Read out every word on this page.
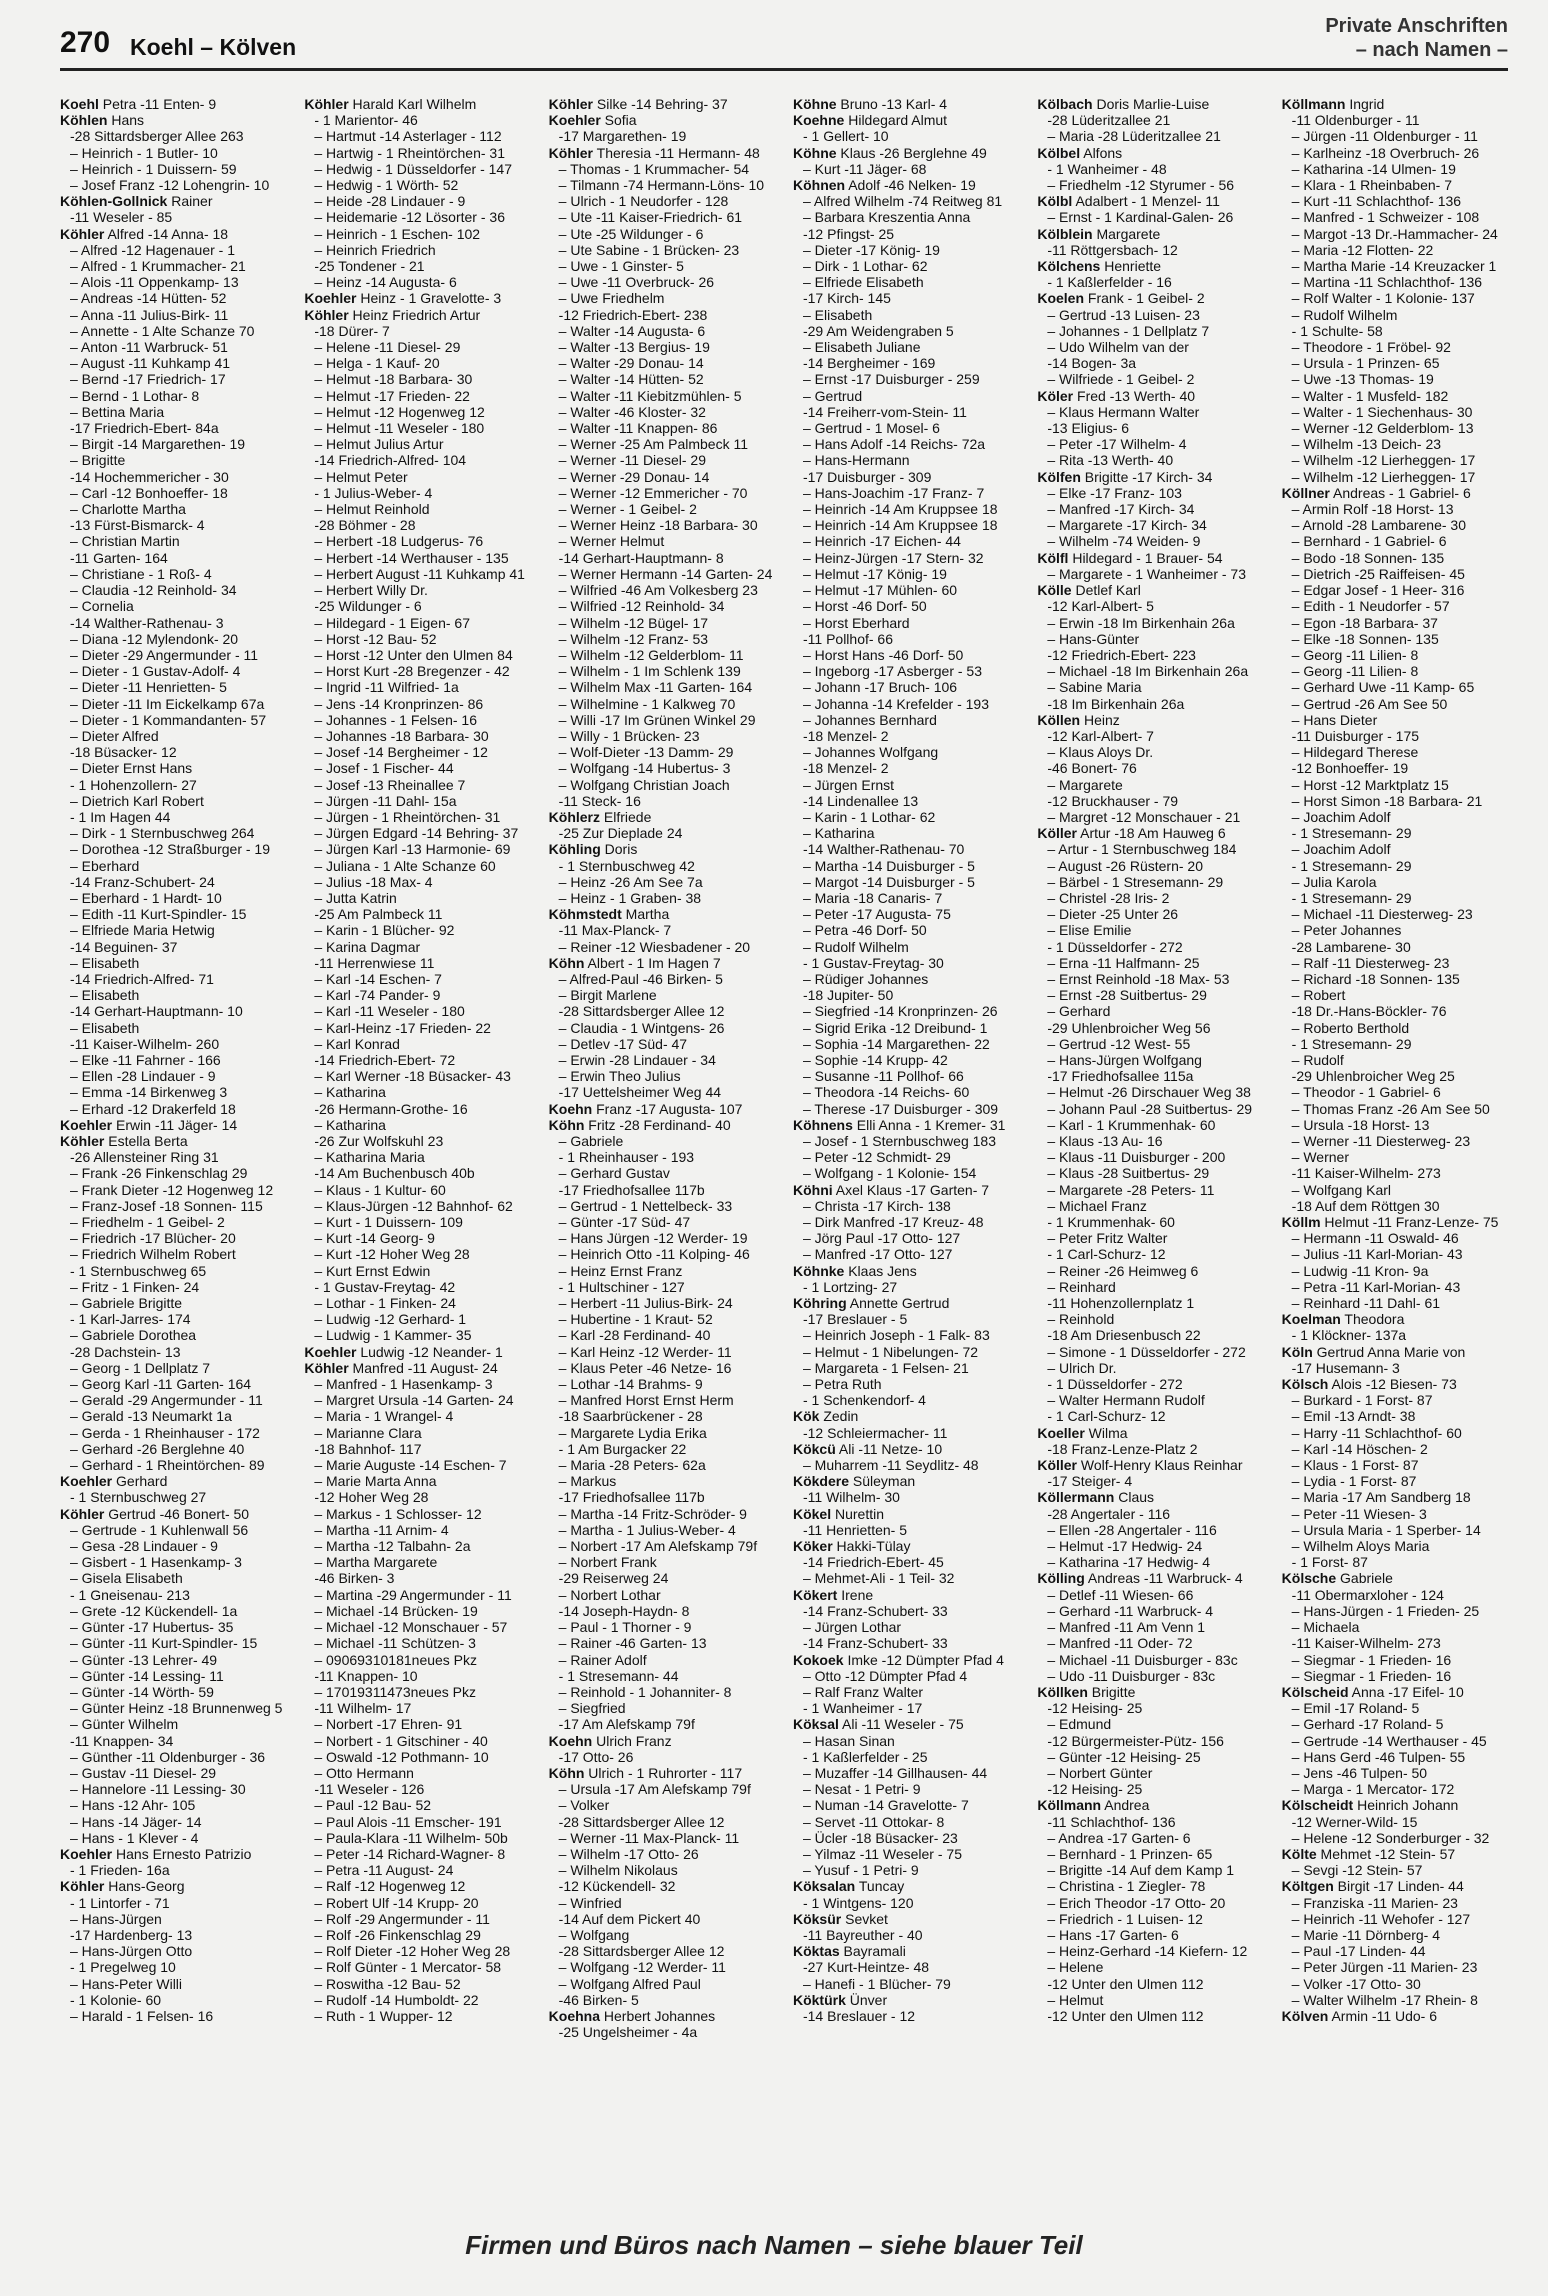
270 Koehl – Kölven
Private Anschriften
– nach Namen –
Koehl Petra -11 Enten- 9
Köhlen Hans
-28 Sittardsberger Allee 263
– Heinrich - 1 Butler- 10
– Heinrich - 1 Duissern- 59
– Josef Franz -12 Lohengrin- 10
Köhlen-Gollnick Rainer
-11 Weseler - 85
Köhler Alfred -14 Anna- 18
– Alfred -12 Hagenauer - 1
– Alfred - 1 Krummacher- 21
– Alois -11 Oppenkamp- 13
– Andreas -14 Hütten- 52
– Anna -11 Julius-Birk- 11
– Annette - 1 Alte Schanze 70
– Anton -11 Warbruck- 51
– August -11 Kuhkamp 41
– Bernd -17 Friedrich- 17
– Bernd - 1 Lothar- 8
– Bettina Maria
-17 Friedrich-Ebert- 84a
– Birgit -14 Margarethen- 19
– Brigitte
-14 Hochemmericher - 30
– Carl -12 Bonhoeffer- 18
– Charlotte Martha
-13 Fürst-Bismarck- 4
– Christian Martin
-11 Garten- 164
– Christiane - 1 Roß- 4
– Claudia -12 Reinhold- 34
– Cornelia
-14 Walther-Rathenau- 3
– Diana -12 Mylendonk- 20
– Dieter -29 Angermunder - 11
– Dieter - 1 Gustav-Adolf- 4
– Dieter -11 Henrietten- 5
– Dieter -11 Im Eickelkamp 67a
– Dieter - 1 Kommandanten- 57
– Dieter Alfred
-18 Büsacker- 12
– Dieter Ernst Hans
- 1 Hohenzollern- 27
– Dietrich Karl Robert
- 1 Im Hagen 44
– Dirk - 1 Sternbuschweg 264
– Dorothea -12 Straßburger - 19
– Eberhard
-14 Franz-Schubert- 24
– Eberhard - 1 Hardt- 10
– Edith -11 Kurt-Spindler- 15
– Elfriede Maria Hetwig
-14 Beguinen- 37
– Elisabeth
-14 Friedrich-Alfred- 71
– Elisabeth
-14 Gerhart-Hauptmann- 10
– Elisabeth
-11 Kaiser-Wilhelm- 260
– Elke -11 Fahrner - 166
– Ellen -28 Lindauer - 9
– Emma -14 Birkenweg 3
– Erhard -12 Drakerfeld 18
Koehler Erwin -11 Jäger- 14
Köhler Estella Berta
-26 Allensteiner Ring 31
– Frank -26 Finkenschlag 29
– Frank Dieter -12 Hogenweg 12
– Franz-Josef -18 Sonnen- 115
– Friedhelm - 1 Geibel- 2
– Friedrich -17 Blücher- 20
– Friedrich Wilhelm Robert
- 1 Sternbuschweg 65
– Fritz - 1 Finken- 24
– Gabriele Brigitte
- 1 Karl-Jarres- 174
– Gabriele Dorothea
-28 Dachstein- 13
– Georg - 1 Dellplatz 7
– Georg Karl -11 Garten- 164
– Gerald -29 Angermunder - 11
– Gerald -13 Neumarkt 1a
– Gerda - 1 Rheinhauser - 172
– Gerhard -26 Berglehne 40
– Gerhard - 1 Rheintörchen- 89
Koehler Gerhard
- 1 Sternbuschweg 27
Köhler Gertrud -46 Bonert- 50
– Gertrude - 1 Kuhlenwall 56
– Gesa -28 Lindauer - 9
– Gisbert - 1 Hasenkamp- 3
– Gisela Elisabeth
- 1 Gneisenau- 213
– Grete -12 Kückendell- 1a
– Günter -17 Hubertus- 35
– Günter -11 Kurt-Spindler- 15
– Günter -13 Lehrer- 49
– Günter -14 Lessing- 11
– Günter -14 Wörth- 59
– Günter Heinz -18 Brunnenweg 5
– Günter Wilhelm
-11 Knappen- 34
– Günther -11 Oldenburger - 36
– Gustav -11 Diesel- 29
– Hannelore -11 Lessing- 30
– Hans -12 Ahr- 105
– Hans -14 Jäger- 14
– Hans - 1 Klever - 4
Koehler Hans Ernesto Patrizio
- 1 Frieden- 16a
Köhler Hans-Georg
- 1 Lintorfer - 71
– Hans-Jürgen
-17 Hardenberg- 13
– Hans-Jürgen Otto
- 1 Pregelweg 10
– Hans-Peter Willi
- 1 Kolonie- 60
– Harald - 1 Felsen- 16
Köhler Harald Karl Wilhelm
- 1 Marientor- 46
– Hartmut -14 Asterlager - 112
– Hartwig - 1 Rheintörchen- 31
– Hedwig - 1 Düsseldorfer - 147
– Hedwig - 1 Wörth- 52
– Heide -28 Lindauer - 9
– Heidemarie -12 Lösorter - 36
– Heinrich - 1 Eschen- 102
– Heinrich Friedrich
-25 Tondener - 21
– Heinz -14 Augusta- 6
Koehler Heinz - 1 Gravelotte- 3
Köhler Heinz Friedrich Artur
-18 Dürer- 7
– Helene -11 Diesel- 29
– Helga - 1 Kauf- 20
– Helmut -18 Barbara- 30
– Helmut -17 Frieden- 22
– Helmut -12 Hogenweg 12
– Helmut -11 Weseler - 180
– Helmut Julius Artur
-14 Friedrich-Alfred- 104
– Helmut Peter
- 1 Julius-Weber- 4
– Helmut Reinhold
-28 Böhmer - 28
– Herbert -18 Ludgerus- 76
– Herbert -14 Werthauser - 135
– Herbert August -11 Kuhkamp 41
– Herbert Willy Dr.
-25 Wildunger - 6
– Hildegard - 1 Eigen- 67
– Horst -12 Bau- 52
– Horst -12 Unter den Ulmen 84
– Horst Kurt -28 Bregenzer - 42
– Ingrid -11 Wilfried- 1a
– Jens -14 Kronprinzen- 86
– Johannes - 1 Felsen- 16
– Johannes -18 Barbara- 30
– Josef -14 Bergheimer - 12
– Josef - 1 Fischer- 44
– Josef -13 Rheinallee 7
– Jürgen -11 Dahl- 15a
– Jürgen - 1 Rheintörchen- 31
– Jürgen Edgard -14 Behring- 37
– Jürgen Karl -13 Harmonie- 69
– Juliana - 1 Alte Schanze 60
– Julius -18 Max- 4
– Jutta Katrin
-25 Am Palmbeck 11
– Karin - 1 Blücher- 92
– Karina Dagmar
-11 Herrenwiese 11
– Karl -14 Eschen- 7
– Karl -74 Pander- 9
– Karl -11 Weseler - 180
– Karl-Heinz -17 Frieden- 22
– Karl Konrad
-14 Friedrich-Ebert- 72
– Karl Werner -18 Büsacker- 43
– Katharina
-26 Hermann-Grothe- 16
– Katharina
-26 Zur Wolfskuhl 23
– Katharina Maria
-14 Am Buchenbusch 40b
– Klaus - 1 Kultur- 60
– Klaus-Jürgen -12 Bahnhof- 62
– Kurt - 1 Duissern- 109
– Kurt -14 Georg- 9
– Kurt -12 Hoher Weg 28
– Kurt Ernst Edwin
- 1 Gustav-Freytag- 42
– Lothar - 1 Finken- 24
– Ludwig -12 Gerhard- 1
– Ludwig - 1 Kammer- 35
Koehler Ludwig -12 Neander- 1
Köhler Manfred -11 August- 24
– Manfred - 1 Hasenkamp- 3
– Margret Ursula -14 Garten- 24
– Maria - 1 Wrangel- 4
– Marianne Clara
-18 Bahnhof- 117
– Marie Auguste -14 Eschen- 7
– Marie Marta Anna
-12 Hoher Weg 28
– Markus - 1 Schlosser- 12
– Martha -11 Arnim- 4
– Martha -12 Talbahn- 2a
– Martha Margarete
-46 Birken- 3
– Martina -29 Angermunder - 11
– Michael -14 Brücken- 19
– Michael -12 Monschauer - 57
– Michael -11 Schützen- 3
– 09069310181neues Pkz
-11 Knappen- 10
– 17019311473neues Pkz
-11 Wilhelm- 17
– Norbert -17 Ehren- 91
– Norbert - 1 Gitschiner - 40
– Oswald -12 Pothmann- 10
– Otto Hermann
-11 Weseler - 126
– Paul -12 Bau- 52
– Paul Alois -11 Emscher- 191
– Paula-Klara -11 Wilhelm- 50b
– Peter -14 Richard-Wagner- 8
– Petra -11 August- 24
– Ralf -12 Hogenweg 12
– Robert Ulf -14 Krupp- 20
– Rolf -29 Angermunder - 11
– Rolf -26 Finkenschlag 29
– Rolf Dieter -12 Hoher Weg 28
– Rolf Günter - 1 Mercator- 58
– Roswitha -12 Bau- 52
– Rudolf -14 Humboldt- 22
– Ruth - 1 Wupper- 12
Köhler Silke -14 Behring- 37
Koehler Sofia
-17 Margarethen- 19
Köhler Theresia -11 Hermann- 48
– Thomas - 1 Krummacher- 54
– Tilmann -74 Hermann-Löns- 10
– Ulrich - 1 Neudorfer - 128
– Ute -11 Kaiser-Friedrich- 61
– Ute -25 Wildunger - 6
– Ute Sabine - 1 Brücken- 23
– Uwe - 1 Ginster- 5
– Uwe -11 Overbruck- 26
– Uwe Friedhelm
-12 Friedrich-Ebert- 238
– Walter -14 Augusta- 6
– Walter -13 Bergius- 19
– Walter -29 Donau- 14
– Walter -14 Hütten- 52
– Walter -11 Kiebitzmühlen- 5
– Walter -46 Kloster- 32
– Walter -11 Knappen- 86
– Werner -25 Am Palmbeck 11
– Werner -11 Diesel- 29
– Werner -29 Donau- 14
– Werner -12 Emmericher - 70
– Werner - 1 Geibel- 2
– Werner Heinz -18 Barbara- 30
– Werner Helmut
-14 Gerhart-Hauptmann- 8
– Werner Hermann -14 Garten- 24
– Wilfried -46 Am Volkesberg 23
– Wilfried -12 Reinhold- 34
– Wilhelm -12 Bügel- 17
– Wilhelm -12 Franz- 53
– Wilhelm -12 Gelderblom- 11
– Wilhelm - 1 Im Schlenk 139
– Wilhelm Max -11 Garten- 164
– Wilhelmine - 1 Kalkweg 70
– Willi -17 Im Grünen Winkel 29
– Willy - 1 Brücken- 23
– Wolf-Dieter -13 Damm- 29
– Wolfgang -14 Hubertus- 3
– Wolfgang Christian Joach
-11 Steck- 16
Köhlerz Elfriede
-25 Zur Dieplade 24
Köhling Doris
- 1 Sternbuschweg 42
– Heinz -26 Am See 7a
– Heinz - 1 Graben- 38
Köhmstedt Martha
-11 Max-Planck- 7
– Reiner -12 Wiesbadener - 20
Köhn Albert - 1 Im Hagen 7
– Alfred-Paul -46 Birken- 5
– Birgit Marlene
-28 Sittardsberger Allee 12
– Claudia - 1 Wintgens- 26
– Detlev -17 Süd- 47
– Erwin -28 Lindauer - 34
– Erwin Theo Julius
-17 Uettelsheimer Weg 44
Koehn Franz -17 Augusta- 107
Köhn Fritz -28 Ferdinand- 40
– Gabriele
- 1 Rheinhauser - 193
– Gerhard Gustav
-17 Friedhofsallee 117b
– Gertrud - 1 Nettelbeck- 33
– Günter -17 Süd- 47
– Hans Jürgen -12 Werder- 19
– Heinrich Otto -11 Kolping- 46
– Heinz Ernst Franz
- 1 Hultschiner - 127
– Herbert -11 Julius-Birk- 24
– Hubertine - 1 Kraut- 52
– Karl -28 Ferdinand- 40
– Karl Heinz -12 Werder- 11
– Klaus Peter -46 Netze- 16
– Lothar -14 Brahms- 9
– Manfred Horst Ernst Herm
-18 Saarbrückener - 28
– Margarete Lydia Erika
- 1 Am Burgacker 22
– Maria -28 Peters- 62a
– Markus
-17 Friedhofsallee 117b
– Martha -14 Fritz-Schröder- 9
– Martha - 1 Julius-Weber- 4
– Norbert -17 Am Alefskamp 79f
– Norbert Frank
-29 Reiserweg 24
– Norbert Lothar
-14 Joseph-Haydn- 8
– Paul - 1 Thorner - 9
– Rainer -46 Garten- 13
– Rainer Adolf
- 1 Stresemann- 44
– Reinhold - 1 Johanniter- 8
– Siegfried
-17 Am Alefskamp 79f
Koehn Ulrich Franz
-17 Otto- 26
Köhn Ulrich - 1 Ruhrorter - 117
– Ursula -17 Am Alefskamp 79f
– Volker
-28 Sittardsberger Allee 12
– Werner -11 Max-Planck- 11
– Wilhelm -17 Otto- 26
– Wilhelm Nikolaus
-12 Kückendell- 32
– Winfried
-14 Auf dem Pickert 40
– Wolfgang
-28 Sittardsberger Allee 12
– Wolfgang -12 Werder- 11
– Wolfgang Alfred Paul
-46 Birken- 5
Koehna Herbert Johannes
-25 Ungelsheimer - 4a
Köhne Bruno -13 Karl- 4
Koehne Hildegard Almut
- 1 Gellert- 10
Köhne Klaus -26 Berglehne 49
– Kurt -11 Jäger- 68
Köhnen Adolf -46 Nelken- 19
– Alfred Wilhelm -74 Reitweg 81
– Barbara Kreszentia Anna
-12 Pfingst- 25
– Dieter -17 König- 19
– Dirk - 1 Lothar- 62
– Elfriede Elisabeth
-17 Kirch- 145
– Elisabeth
-29 Am Weidengraben 5
– Elisabeth Juliane
-14 Bergheimer - 169
– Ernst -17 Duisburger - 259
– Gertrud
-14 Freiherr-vom-Stein- 11
– Gertrud - 1 Mosel- 6
– Hans Adolf -14 Reichs- 72a
– Hans-Hermann
-17 Duisburger - 309
– Hans-Joachim -17 Franz- 7
– Heinrich -14 Am Kruppsee 18
– Heinrich -14 Am Kruppsee 18
– Heinrich -17 Eichen- 44
– Heinz-Jürgen -17 Stern- 32
– Helmut -17 König- 19
– Helmut -17 Mühlen- 60
– Horst -46 Dorf- 50
– Horst Eberhard
-11 Pollhof- 66
– Horst Hans -46 Dorf- 50
– Ingeborg -17 Asberger - 53
– Johann -17 Bruch- 106
– Johanna -14 Krefelder - 193
– Johannes Bernhard
-18 Menzel- 2
– Johannes Wolfgang
-18 Menzel- 2
– Jürgen Ernst
-14 Lindenallee 13
– Karin - 1 Lothar- 62
– Katharina
-14 Walther-Rathenau- 70
– Martha -14 Duisburger - 5
– Margot -14 Duisburger - 5
– Maria -18 Canaris- 7
– Peter -17 Augusta- 75
– Petra -46 Dorf- 50
– Rudolf Wilhelm
- 1 Gustav-Freytag- 30
– Rüdiger Johannes
-18 Jupiter- 50
– Siegfried -14 Kronprinzen- 26
– Sigrid Erika -12 Dreibund- 1
– Sophia -14 Margarethen- 22
– Sophie -14 Krupp- 42
– Susanne -11 Pollhof- 66
– Theodora -14 Reichs- 60
– Therese -17 Duisburger - 309
Köhnens Elli Anna - 1 Kremer- 31
– Josef - 1 Sternbuschweg 183
– Peter -12 Schmidt- 29
– Wolfgang - 1 Kolonie- 154
Köhni Axel Klaus -17 Garten- 7
– Christa -17 Kirch- 138
– Dirk Manfred -17 Kreuz- 48
– Jörg Paul -17 Otto- 127
– Manfred -17 Otto- 127
Köhnke Klaas Jens
- 1 Lortzing- 27
Köhring Annette Gertrud
-17 Breslauer - 5
– Heinrich Joseph - 1 Falk- 83
– Helmut - 1 Nibelungen- 72
– Margareta - 1 Felsen- 21
– Petra Ruth
- 1 Schenkendorf- 4
Kök Zedin
-12 Schleiermacher- 11
Kökcü Ali -11 Netze- 10
– Muharrem -11 Seydlitz- 48
Kökdere Süleyman
-11 Wilhelm- 30
Kökel Nurettin
-11 Henrietten- 5
Köker Hakki-Tülay
-14 Friedrich-Ebert- 45
– Mehmet-Ali - 1 Teil- 32
Kökert Irene
-14 Franz-Schubert- 33
– Jürgen Lothar
-14 Franz-Schubert- 33
Kokoek Imke -12 Dümpter Pfad 4
– Otto -12 Dümpter Pfad 4
– Ralf Franz Walter
- 1 Wanheimer - 17
Köksal Ali -11 Weseler - 75
– Hasan Sinan
- 1 Kaßlerfelder - 25
– Muzaffer -14 Gillhausen- 44
– Nesat - 1 Petri- 9
– Numan -14 Gravelotte- 7
– Servet -11 Ottokar- 8
– Ücler -18 Büsacker- 23
– Yilmaz -11 Weseler - 75
– Yusuf - 1 Petri- 9
Köksalan Tuncay
- 1 Wintgens- 120
Köksür Sevket
-11 Bayreuther - 40
Köktas Bayramali
-27 Kurt-Heintze- 48
– Hanefi - 1 Blücher- 79
Köktürk Ünver
-14 Breslauer - 12
Kölbach Doris Marlie-Luise
-28 Lüderitzallee 21
– Maria -28 Lüderitzallee 21
Kölbel Alfons
- 1 Wanheimer - 48
– Friedhelm -12 Styrumer - 56
Kölbl Adalbert - 1 Menzel- 11
– Ernst - 1 Kardinal-Galen- 26
Kölblein Margarete
-11 Röttgersbach- 12
Kölchens Henriette
- 1 Kaßlerfelder - 16
Koelen Frank - 1 Geibel- 2
– Gertrud -13 Luisen- 23
– Johannes - 1 Dellplatz 7
– Udo Wilhelm van der
-14 Bogen- 3a
– Wilfriede - 1 Geibel- 2
Köler Fred -13 Werth- 40
– Klaus Hermann Walter
-13 Eligius- 6
– Peter -17 Wilhelm- 4
– Rita -13 Werth- 40
Kölfen Brigitte -17 Kirch- 34
– Elke -17 Franz- 103
– Manfred -17 Kirch- 34
– Margarete -17 Kirch- 34
– Wilhelm -74 Weiden- 9
Kölfl Hildegard - 1 Brauer- 54
– Margarete - 1 Wanheimer - 73
Kölle Detlef Karl
-12 Karl-Albert- 5
– Erwin -18 Im Birkenhain 26a
– Hans-Günter
-12 Friedrich-Ebert- 223
– Michael -18 Im Birkenhain 26a
– Sabine Maria
-18 Im Birkenhain 26a
Köllen Heinz
-12 Karl-Albert- 7
– Klaus Aloys Dr.
-46 Bonert- 76
– Margarete
-12 Bruckhauser - 79
– Margret -12 Monschauer - 21
Köller Artur -18 Am Hauweg 6
– Artur - 1 Sternbuschweg 184
– August -26 Rüstern- 20
– Bärbel - 1 Stresemann- 29
– Christel -28 Iris- 2
– Dieter -25 Unter 26
– Elise Emilie
- 1 Düsseldorfer - 272
– Erna -11 Halfmann- 25
– Ernst Reinhold -18 Max- 53
– Ernst -28 Suitbertus- 29
– Gerhard
-29 Uhlenbroicher Weg 56
– Gertrud -12 West- 55
– Hans-Jürgen Wolfgang
-17 Friedhofsallee 115a
– Helmut -26 Dirschauer Weg 38
– Johann Paul -28 Suitbertus- 29
– Karl - 1 Krummenhak- 60
– Klaus -13 Au- 16
– Klaus -11 Duisburger - 200
– Klaus -28 Suitbertus- 29
– Margarete -28 Peters- 11
– Michael Franz
- 1 Krummenhak- 60
– Peter Fritz Walter
- 1 Carl-Schurz- 12
– Reiner -26 Heimweg 6
– Reinhard
-11 Hohenzollernplatz 1
– Reinhold
-18 Am Driesenbusch 22
– Simone - 1 Düsseldorfer - 272
– Ulrich Dr.
- 1 Düsseldorfer - 272
– Walter Hermann Rudolf
- 1 Carl-Schurz- 12
Koeller Wilma
-18 Franz-Lenze-Platz 2
Köller Wolf-Henry Klaus Reinhar
-17 Steiger- 4
Köllermann Claus
-28 Angertaler - 116
– Ellen -28 Angertaler - 116
– Helmut -17 Hedwig- 24
– Katharina -17 Hedwig- 4
Kölling Andreas -11 Warbruck- 4
– Detlef -11 Wiesen- 66
– Gerhard -11 Warbruck- 4
– Manfred -11 Am Venn 1
– Manfred -11 Oder- 72
– Michael -11 Duisburger - 83c
– Udo -11 Duisburger - 83c
Köllken Brigitte
-12 Heising- 25
– Edmund
-12 Bürgermeister-Pütz- 156
– Günter -12 Heising- 25
– Norbert Günter
-12 Heising- 25
Köllmann Andrea
-11 Schlachthof- 136
– Andrea -17 Garten- 6
– Bernhard - 1 Prinzen- 65
– Brigitte -14 Auf dem Kamp 1
– Christina - 1 Ziegler- 78
– Erich Theodor -17 Otto- 20
– Friedrich - 1 Luisen- 12
– Hans -17 Garten- 6
– Heinz-Gerhard -14 Kiefern- 12
– Helene
-12 Unter den Ulmen 112
– Helmut
-12 Unter den Ulmen 112
Köllmann Ingrid
-11 Oldenburger - 11
– Jürgen -11 Oldenburger - 11
– Karlheinz -18 Overbruch- 26
– Katharina -14 Ulmen- 19
– Klara - 1 Rheinbaben- 7
– Kurt -11 Schlachthof- 136
– Manfred - 1 Schweizer - 108
– Margot -13 Dr.-Hammacher- 24
– Maria -12 Flotten- 22
– Martha Marie -14 Kreuzacker 1
– Martina -11 Schlachthof- 136
– Rolf Walter - 1 Kolonie- 137
– Rudolf Wilhelm
- 1 Schulte- 58
– Theodore - 1 Fröbel- 92
– Ursula - 1 Prinzen- 65
– Uwe -13 Thomas- 19
– Walter - 1 Musfeld- 182
– Walter - 1 Siechenhaus- 30
– Werner -12 Gelderblom- 13
– Wilhelm -13 Deich- 23
– Wilhelm -12 Lierheggen- 17
– Wilhelm -12 Lierheggen- 17
Köllner Andreas - 1 Gabriel- 6
– Armin Rolf -18 Horst- 13
– Arnold -28 Lambarene- 30
– Bernhard - 1 Gabriel- 6
– Bodo -18 Sonnen- 135
– Dietrich -25 Raiffeisen- 45
– Edgar Josef - 1 Heer- 316
– Edith - 1 Neudorfer - 57
– Egon -18 Barbara- 37
– Elke -18 Sonnen- 135
– Georg -11 Lilien- 8
– Georg -11 Lilien- 8
– Gerhard Uwe -11 Kamp- 65
– Gertrud -26 Am See 50
– Hans Dieter
-11 Duisburger - 175
– Hildegard Therese
-12 Bonhoeffer- 19
– Horst -12 Marktplatz 15
– Horst Simon -18 Barbara- 21
– Joachim Adolf
- 1 Stresemann- 29
– Joachim Adolf
- 1 Stresemann- 29
– Julia Karola
- 1 Stresemann- 29
– Michael -11 Diesterweg- 23
– Peter Johannes
-28 Lambarene- 30
– Ralf -11 Diesterweg- 23
– Richard -18 Sonnen- 135
– Robert
-18 Dr.-Hans-Böckler- 76
– Roberto Berthold
- 1 Stresemann- 29
– Rudolf
-29 Uhlenbroicher Weg 25
– Theodor - 1 Gabriel- 6
– Thomas Franz -26 Am See 50
– Ursula -18 Horst- 13
– Werner -11 Diesterweg- 23
– Werner
-11 Kaiser-Wilhelm- 273
– Wolfgang Karl
-18 Auf dem Röttgen 30
Köllm Helmut -11 Franz-Lenze- 75
– Hermann -11 Oswald- 46
– Julius -11 Karl-Morian- 43
– Ludwig -11 Kron- 9a
– Petra -11 Karl-Morian- 43
– Reinhard -11 Dahl- 61
Koelman Theodora
- 1 Klöckner- 137a
Köln Gertrud Anna Marie von
-17 Husemann- 3
Kölsch Alois -12 Biesen- 73
– Burkard - 1 Forst- 87
– Emil -13 Arndt- 38
– Harry -11 Schlachthof- 60
– Karl -14 Höschen- 2
– Klaus - 1 Forst- 87
– Lydia - 1 Forst- 87
– Maria -17 Am Sandberg 18
– Peter -11 Wiesen- 3
– Ursula Maria - 1 Sperber- 14
– Wilhelm Aloys Maria
- 1 Forst- 87
Kölsche Gabriele
-11 Obermarxloher - 124
– Hans-Jürgen - 1 Frieden- 25
– Michaela
-11 Kaiser-Wilhelm- 273
– Siegmar - 1 Frieden- 16
– Siegmar - 1 Frieden- 16
Kölscheid Anna -17 Eifel- 10
– Emil -17 Roland- 5
– Gerhard -17 Roland- 5
– Gertrude -14 Werthauser - 45
– Hans Gerd -46 Tulpen- 55
– Jens -46 Tulpen- 50
– Marga - 1 Mercator- 172
Kölscheidt Heinrich Johann
-12 Werner-Wild- 15
– Helene -12 Sonderburger - 32
Költe Mehmet -12 Stein- 57
– Sevgi -12 Stein- 57
Költgen Birgit -17 Linden- 44
– Franziska -11 Marien- 23
– Heinrich -11 Wehofer - 127
– Marie -11 Dörnberg- 4
– Paul -17 Linden- 44
– Peter Jürgen -11 Marien- 23
– Volker -17 Otto- 30
– Walter Wilhelm -17 Rhein- 8
Kölven Armin -11 Udo- 6
Firmen und Büros nach Namen – siehe blauer Teil
